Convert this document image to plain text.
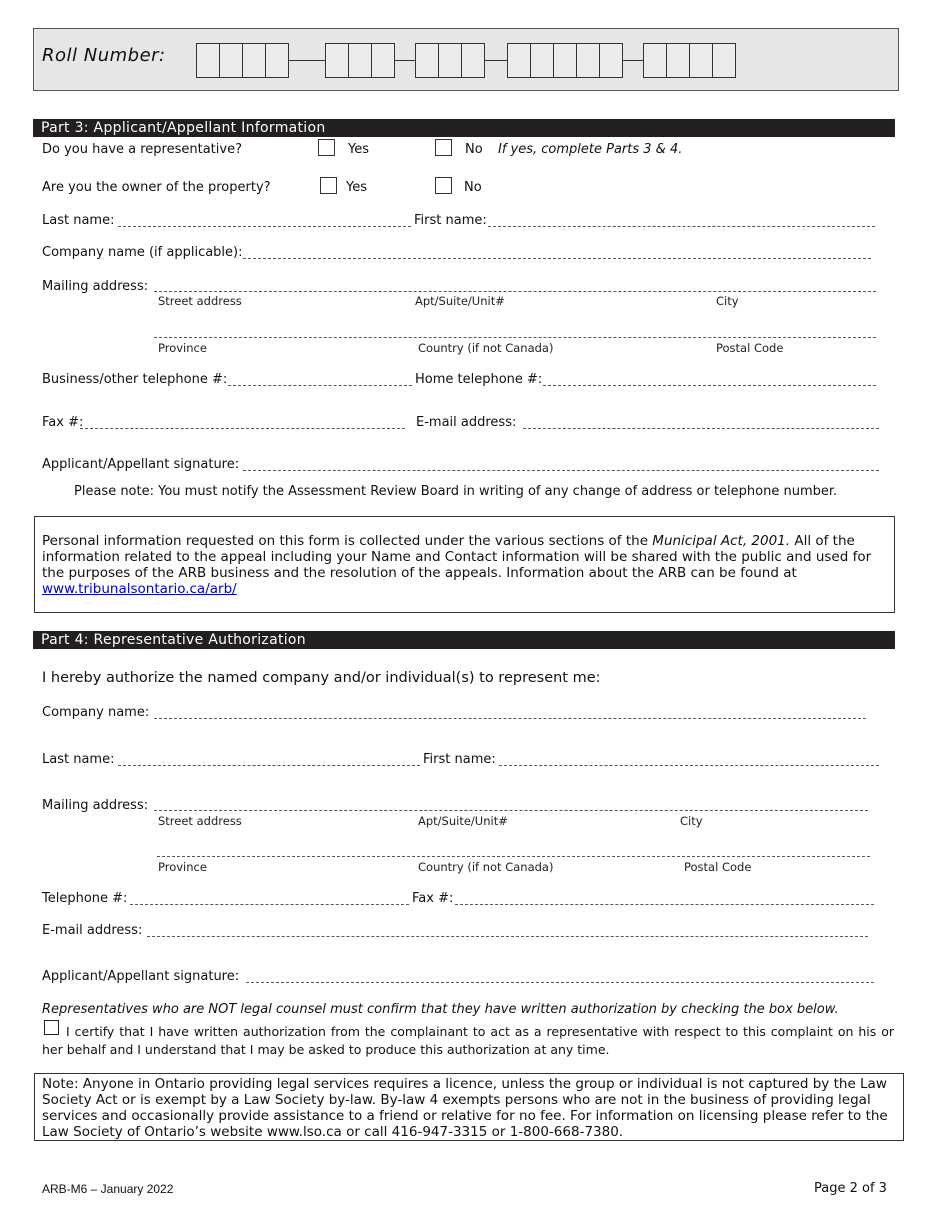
Roll Number:
Part 3: Applicant/Appellant Information
Do you have a representative?	Yes	No If yes, complete Parts 3 & 4.
Are you the owner of the property?	Yes	No
Last name:	First name:
Company name (if applicable):
Mailing address:
Street address	Apt/Suite/Unit#	City
Province	Country (if not Canada)	Postal Code
Business/other telephone #:	Home telephone #:
Fax #:	E-mail address:
Applicant/Appellant signature:
Please note: You must notify the Assessment Review Board in writing of any change of address or telephone number.
Personal information requested on this form is collected under the various sections of the Municipal Act, 2001. All of the information related to the appeal including your Name and Contact information will be shared with the public and used for the purposes of the ARB business and the resolution of the appeals. Information about the ARB can be found at
www.tribunalsontario.ca/arb/
Part 4: Representative Authorization
I hereby authorize the named company and/or individual(s) to represent me:
Company name:
Last name:	First name:
Mailing address:
Street address	Apt/Suite/Unit#	City
Province	Country (if not Canada)	Postal Code
Telephone #:	Fax #:
E-mail address:
Applicant/Appellant signature:
Representatives who are NOT legal counsel must confirm that they have written authorization by checking the box below.
I certify that I have written authorization from the complainant to act as a representative with respect to this complaint on his or her behalf and I understand that I may be asked to produce this authorization at any time.
Note: Anyone in Ontario providing legal services requires a licence, unless the group or individual is not captured by the Law Society Act or is exempt by a Law Society by-law. By-law 4 exempts persons who are not in the business of providing legal services and occasionally provide assistance to a friend or relative for no fee. For information on licensing please refer to the Law Society of Ontario’s website www.lso.ca or call 416-947-3315 or 1-800-668-7380.
ARB-M6 – January 2022	Page 2 of 3
